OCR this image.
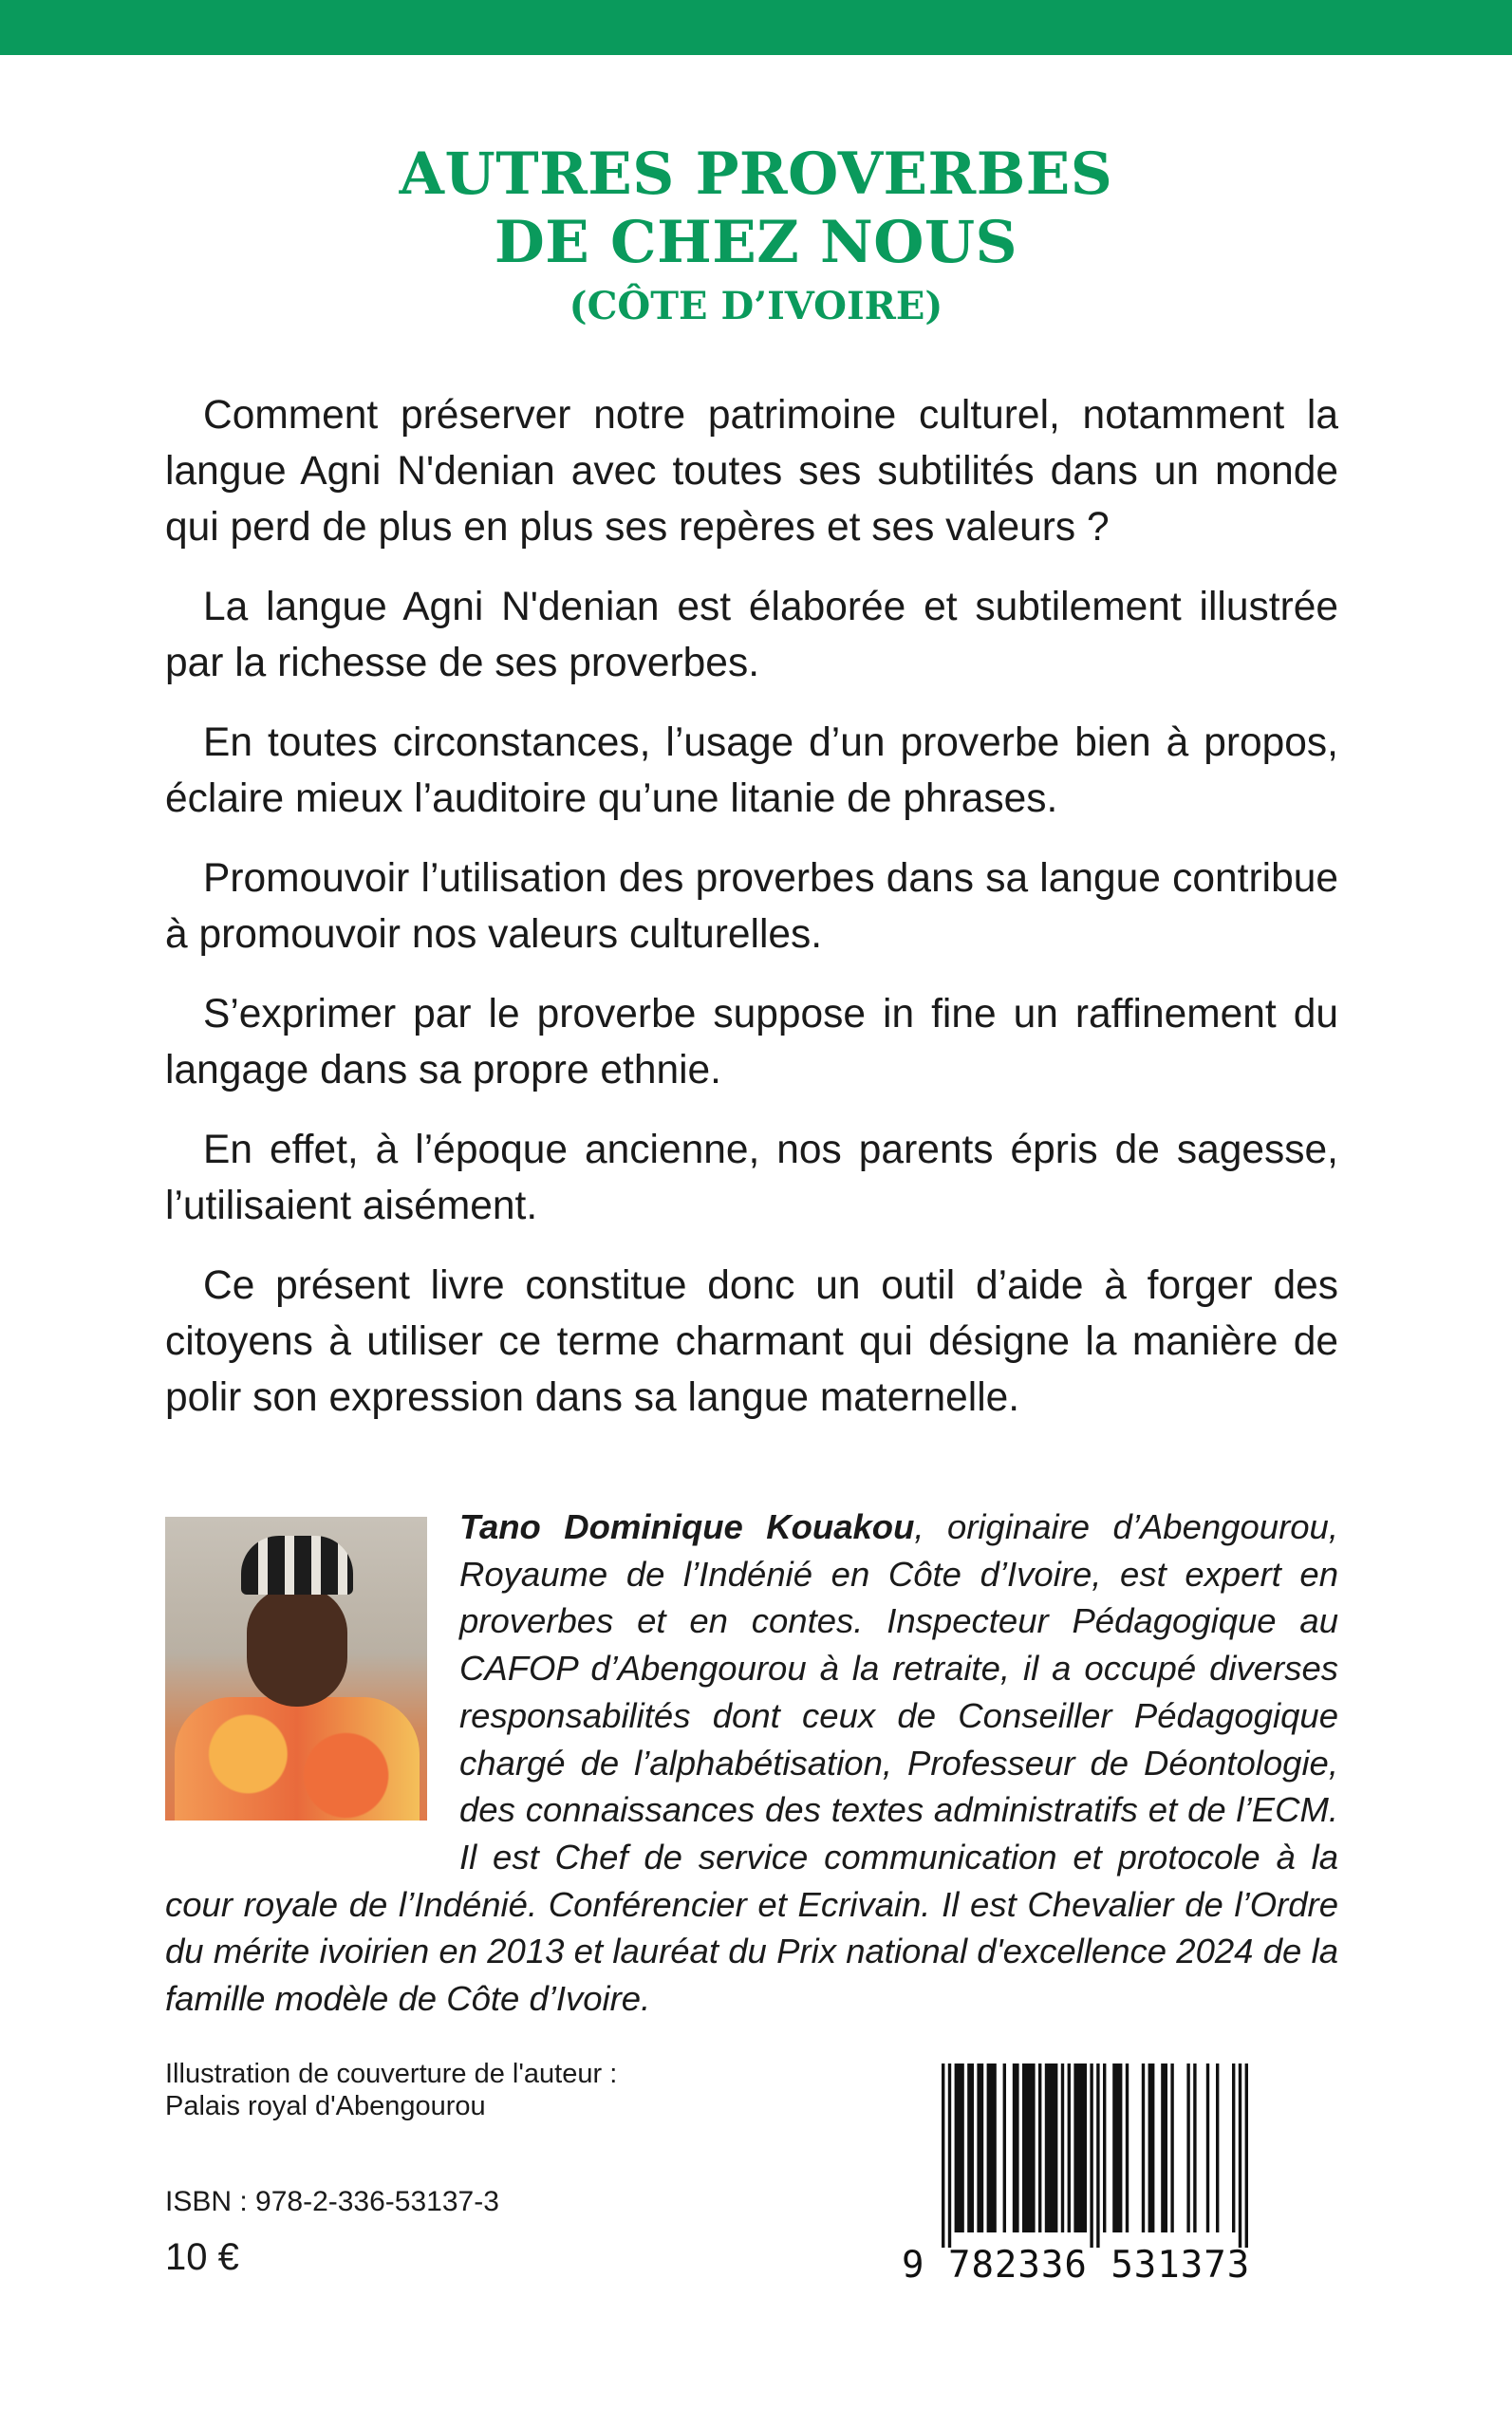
AUTRES PROVERBES
DE CHEZ NOUS
(CÔTE D’IVOIRE)

Comment préserver notre patrimoine culturel, notamment la langue Agni N'denian avec toutes ses subtilités dans un monde qui perd de plus en plus ses repères et ses valeurs ?

La langue Agni N'denian est élaborée et subtilement illustrée par la richesse de ses proverbes.

En toutes circonstances, l’usage d’un proverbe bien à propos, éclaire mieux l’auditoire qu’une litanie de phrases.

Promouvoir l’utilisation des proverbes dans sa langue contribue à promouvoir nos valeurs culturelles.

S’exprimer par le proverbe suppose in fine un raffinement du langage dans sa propre ethnie.

En effet, à l’époque ancienne, nos parents épris de sagesse, l’utilisaient aisément.

Ce présent livre constitue donc un outil d’aide à forger des citoyens à utiliser ce terme charmant qui désigne la manière de polir son expression dans sa langue maternelle.

Tano Dominique Kouakou, originaire d’Abengourou, Royaume de l’Indénié en Côte d’Ivoire, est expert en proverbes et en contes. Inspecteur Pédagogique au CAFOP d’Abengourou à la retraite, il a occupé diverses responsabilités dont ceux de Conseiller Pédagogique chargé de l’alphabétisation, Professeur de Déontologie, des connaissances des textes administratifs et de l’ECM. Il est Chef de service communication et protocole à la cour royale de l’Indénié. Conférencier et Ecrivain. Il est Chevalier de l’Ordre du mérite ivoirien en 2013 et lauréat du Prix national d'excellence 2024 de la famille modèle de Côte d’Ivoire.

Illustration de couverture de l'auteur :
Palais royal d'Abengourou
ISBN : 978-2-336-53137-3
10 €	9 782336 531373
